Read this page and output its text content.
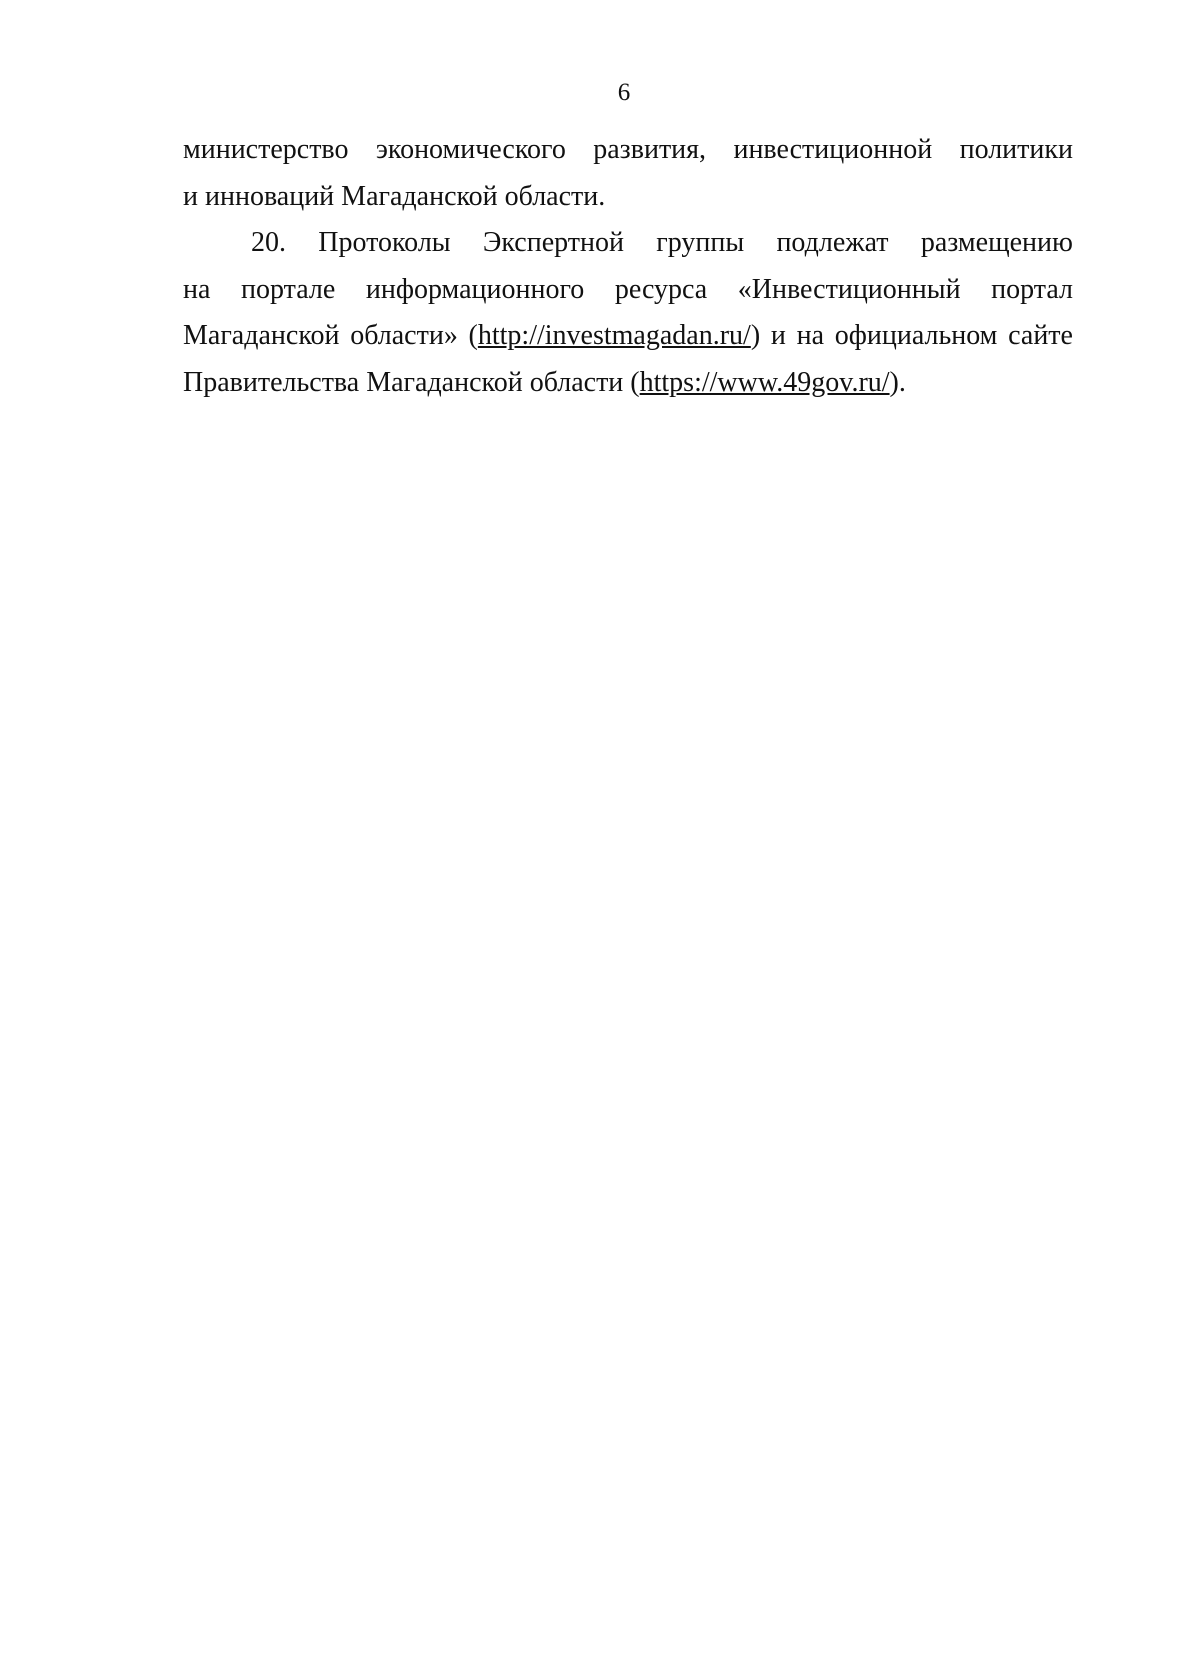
6
министерство экономического развития, инвестиционной политики
и инноваций Магаданской области.
20. Протоколы Экспертной группы подлежат размещению
на портале информационного ресурса «Инвестиционный портал
Магаданской области» (http://investmagadan.ru/) и на официальном сайте
Правительства Магаданской области (https://www.49gov.ru/).
